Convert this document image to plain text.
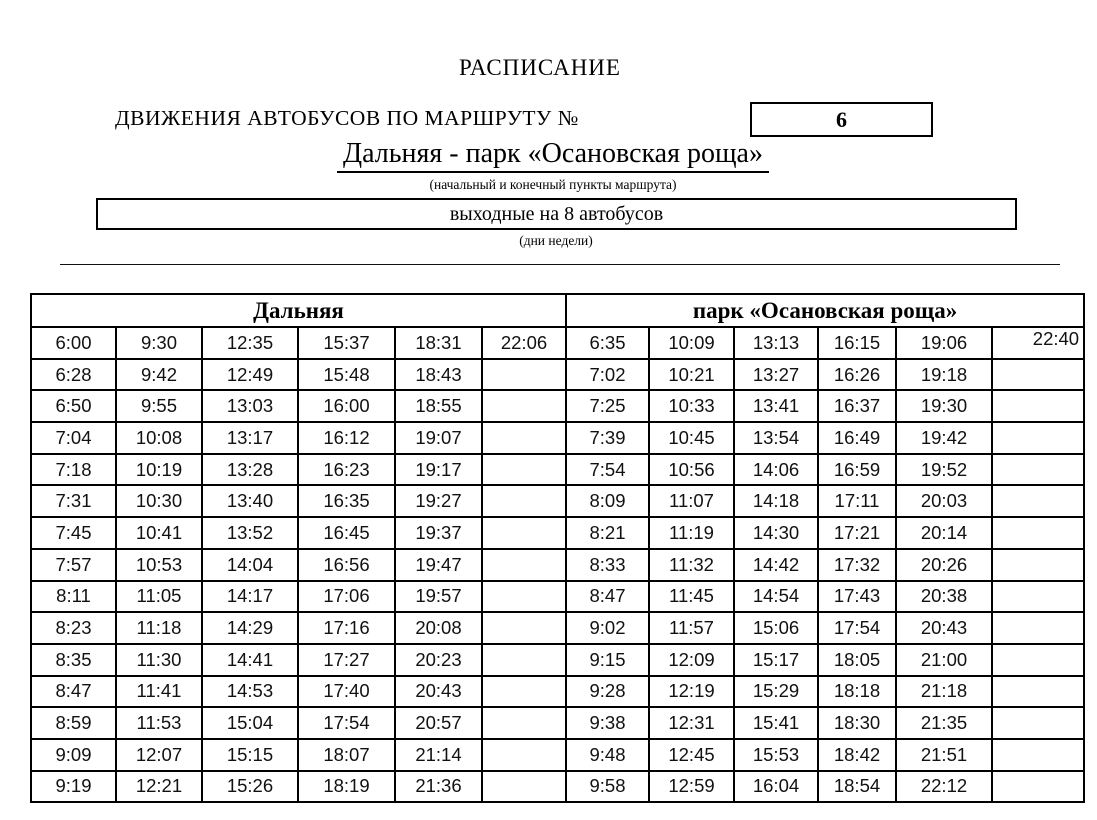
РАСПИСАНИЕ
ДВИЖЕНИЯ АВТОБУСОВ ПО МАРШРУТУ №	6
Дальняя - парк «Осановская роща»
(начальный и конечный пункты маршрута)
выходные на 8 автобусов
(дни недели)
Дальняя						парк «Осановская роща»					
6:00	9:30	12:35	15:37	18:31	22:06	6:35	10:09	13:13	16:15	19:06	22:40
6:28	9:42	12:49	15:48	18:43		7:02	10:21	13:27	16:26	19:18	
6:50	9:55	13:03	16:00	18:55		7:25	10:33	13:41	16:37	19:30	
7:04	10:08	13:17	16:12	19:07		7:39	10:45	13:54	16:49	19:42	
7:18	10:19	13:28	16:23	19:17		7:54	10:56	14:06	16:59	19:52	
7:31	10:30	13:40	16:35	19:27		8:09	11:07	14:18	17:11	20:03	
7:45	10:41	13:52	16:45	19:37		8:21	11:19	14:30	17:21	20:14	
7:57	10:53	14:04	16:56	19:47		8:33	11:32	14:42	17:32	20:26	
8:11	11:05	14:17	17:06	19:57		8:47	11:45	14:54	17:43	20:38	
8:23	11:18	14:29	17:16	20:08		9:02	11:57	15:06	17:54	20:43	
8:35	11:30	14:41	17:27	20:23		9:15	12:09	15:17	18:05	21:00	
8:47	11:41	14:53	17:40	20:43		9:28	12:19	15:29	18:18	21:18	
8:59	11:53	15:04	17:54	20:57		9:38	12:31	15:41	18:30	21:35	
9:09	12:07	15:15	18:07	21:14		9:48	12:45	15:53	18:42	21:51	
9:19	12:21	15:26	18:19	21:36		9:58	12:59	16:04	18:54	22:12	
